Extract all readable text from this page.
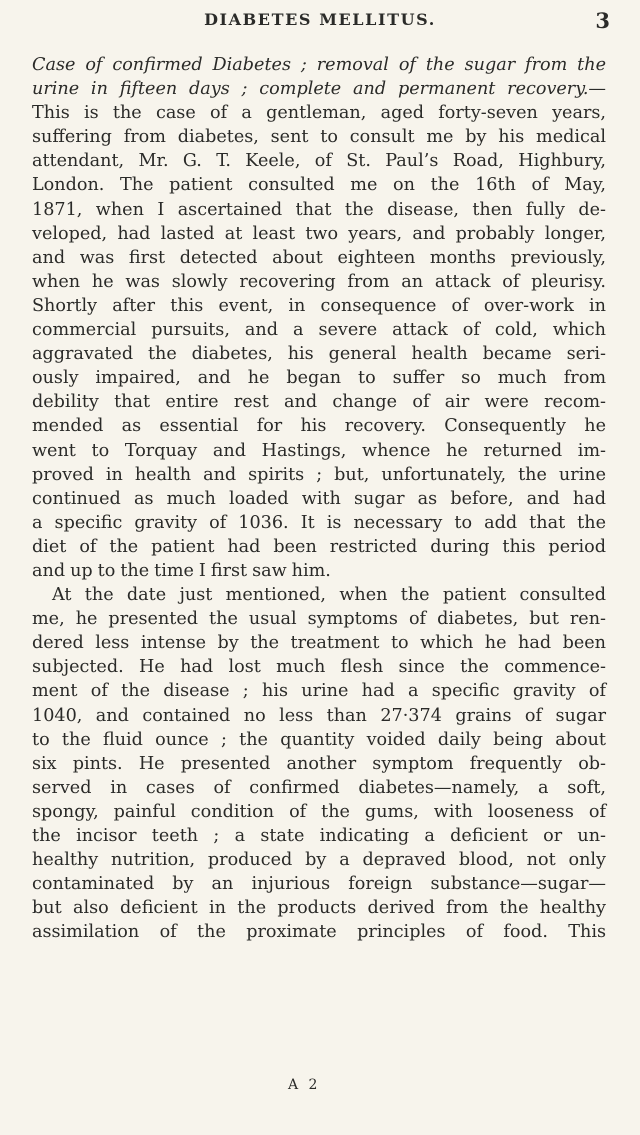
DIABETES MELLITUS.	3
Case of confirmed Diabetes ; removal of the sugar from the
urine in fifteen days ; complete and permanent recovery.—
This is the case of a gentleman, aged forty-seven years,
suffering from diabetes, sent to consult me by his medical
attendant, Mr. G. T. Keele, of St. Paul’s Road, Highbury,
London. The patient consulted me on the 16th of May,
1871, when I ascertained that the disease, then fully de-
veloped, had lasted at least two years, and probably longer,
and was first detected about eighteen months previously,
when he was slowly recovering from an attack of pleurisy.
Shortly after this event, in consequence of over-work in
commercial pursuits, and a severe attack of cold, which
aggravated the diabetes, his general health became seri-
ously impaired, and he began to suffer so much from
debility that entire rest and change of air were recom-
mended as essential for his recovery. Consequently he
went to Torquay and Hastings, whence he returned im-
proved in health and spirits ; but, unfortunately, the urine
continued as much loaded with sugar as before, and had
a specific gravity of 1036. It is necessary to add that the
diet of the patient had been restricted during this period
and up to the time I first saw him.
At the date just mentioned, when the patient consulted
me, he presented the usual symptoms of diabetes, but ren-
dered less intense by the treatment to which he had been
subjected. He had lost much flesh since the commence-
ment of the disease ; his urine had a specific gravity of
1040, and contained no less than 27·374 grains of sugar
to the fluid ounce ; the quantity voided daily being about
six pints. He presented another symptom frequently ob-
served in cases of confirmed diabetes—namely, a soft,
spongy, painful condition of the gums, with looseness of
the incisor teeth ; a state indicating a deficient or un-
healthy nutrition, produced by a depraved blood, not only
contaminated by an injurious foreign substance—sugar—
but also deficient in the products derived from the healthy
assimilation of the proximate principles of food. This
A 2
